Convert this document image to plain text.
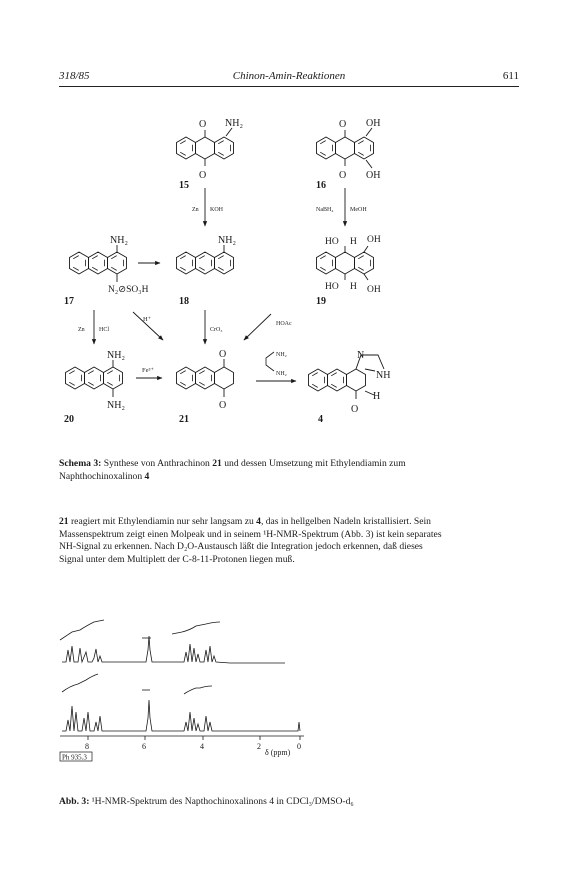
318/85	Chinon-Amin-Reaktionen	611
O NH₂
O
15
O OH
O OH
16
Zn KOH	NaBH₄	MeOH
NH₂
N₂⊘SO₃H
17
NH₂
18
HO H OH
HO H OH
19
Zn HCl
H⁺
CrO₃
HOAc
NH₂
NH₂
20
Fe³⁺
O
O
21
NH₂
NH₂
N
NH
H
O
4
Schema 3: Synthese von Anthrachinon 21 und dessen Umsetzung mit Ethylendiamin zum
Naphthochinoxalinon 4
21 reagiert mit Ethylendiamin nur sehr langsam zu 4, das in hellgelben Nadeln kristallisiert. Sein
Massenspektrum zeigt einen Molpeak und in seinem ¹H-NMR-Spektrum (Abb. 3) ist kein separates
NH-Signal zu erkennen. Nach D₂O-Austausch läßt die Integration jedoch erkennen, daß dieses
Signal unter dem Multiplett der C-8-11-Protonen liegen muß.
8	6	4	2	0
δ (ppm)
Ph 935.3
Abb. 3: ¹H-NMR-Spektrum des Napthochinoxalinons 4 in CDCl₃/DMSO-d₆
